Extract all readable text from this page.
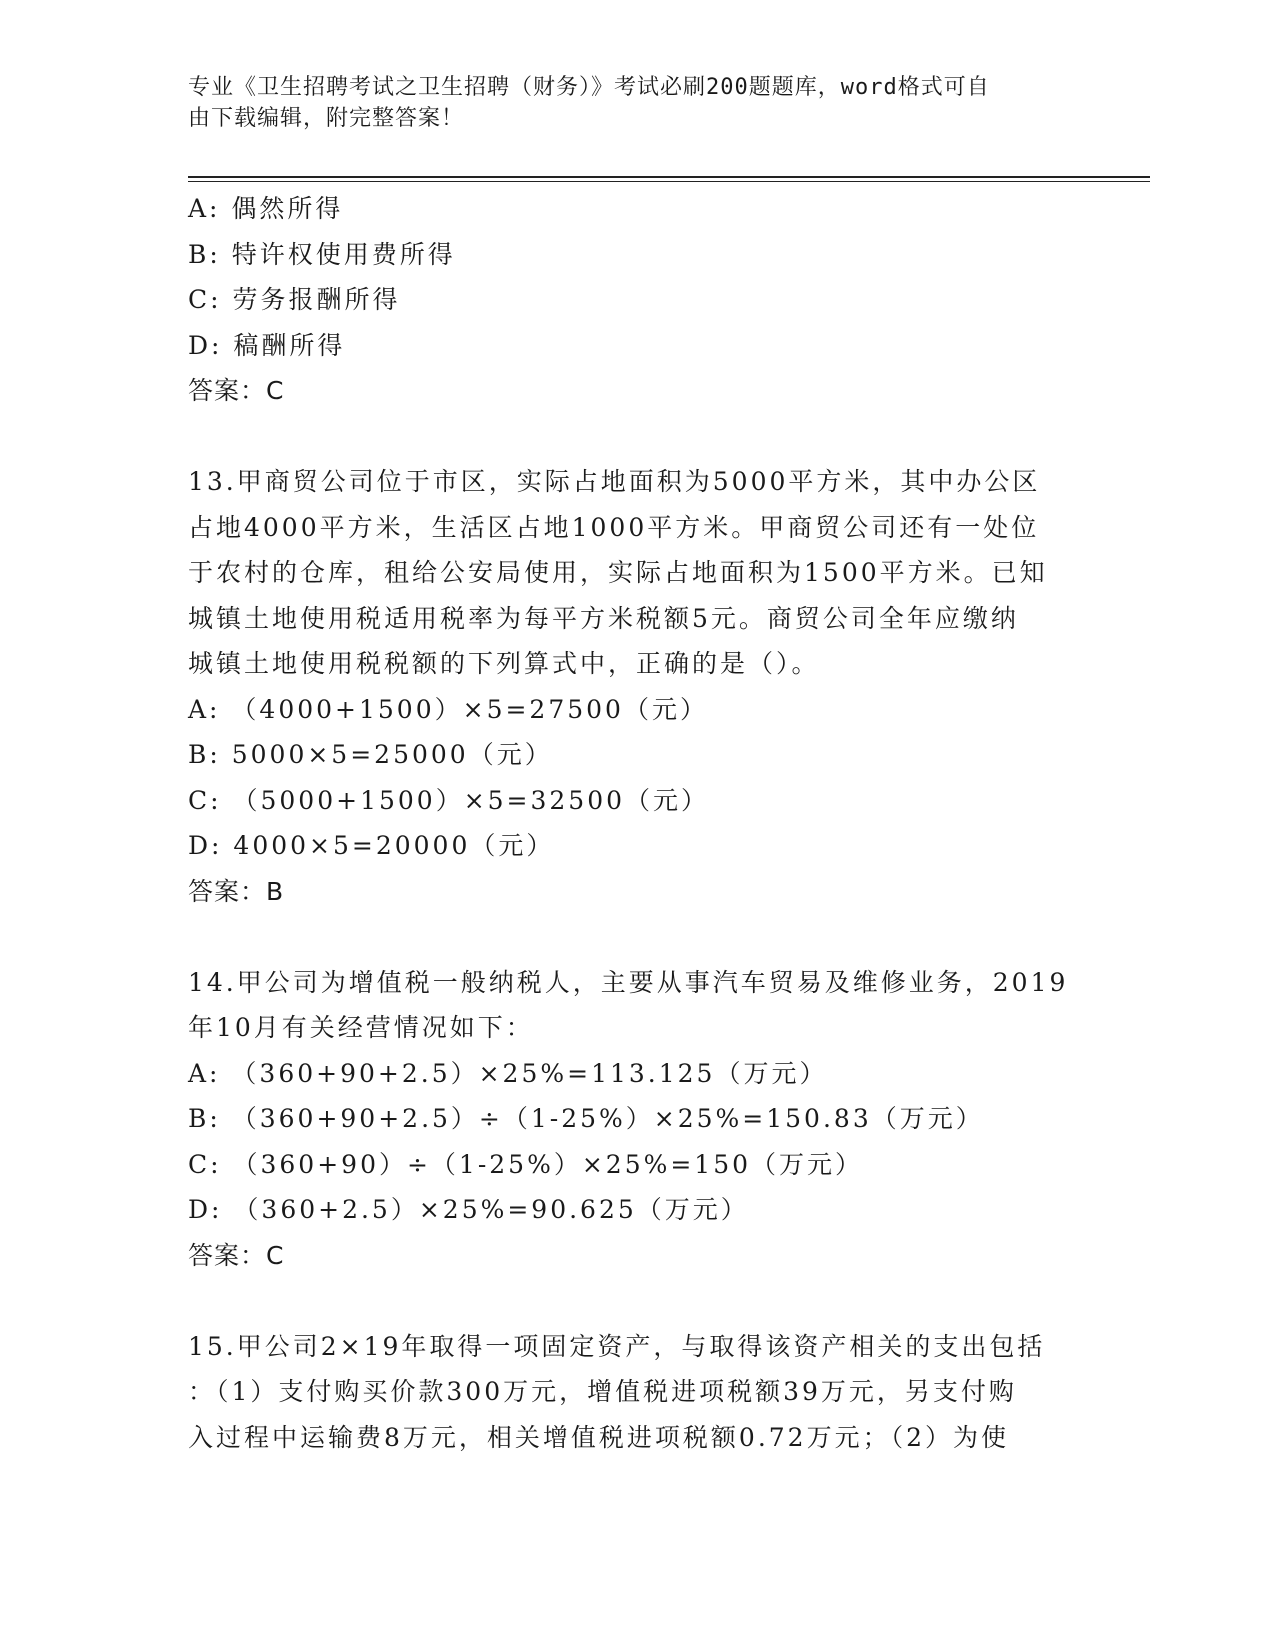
专业《卫生招聘考试之卫生招聘（财务）》考试必刷200题题库，word格式可自
由下载编辑，附完整答案！
A: 偶然所得
B: 特许权使用费所得
C: 劳务报酬所得
D: 稿酬所得
答案：C
13.甲商贸公司位于市区，实际占地面积为5000平方米，其中办公区
占地4000平方米，生活区占地1000平方米。甲商贸公司还有一处位
于农村的仓库，租给公安局使用，实际占地面积为1500平方米。已知
城镇土地使用税适用税率为每平方米税额5元。商贸公司全年应缴纳
城镇土地使用税税额的下列算式中，正确的是（）。
A: （4000+1500）×5=27500（元）
B: 5000×5=25000（元）
C: （5000+1500）×5=32500（元）
D: 4000×5=20000（元）
答案：B
14.甲公司为增值税一般纳税人，主要从事汽车贸易及维修业务，2019
年10月有关经营情况如下：
A: （360+90+2.5）×25%=113.125（万元）
B: （360+90+2.5）÷（1-25%）×25%=150.83（万元）
C: （360+90）÷（1-25%）×25%=150（万元）
D: （360+2.5）×25%=90.625（万元）
答案：C
15.甲公司2×19年取得一项固定资产，与取得该资产相关的支出包括
：（1）支付购买价款300万元，增值税进项税额39万元，另支付购
入过程中运输费8万元，相关增值税进项税额0.72万元；（2）为使
